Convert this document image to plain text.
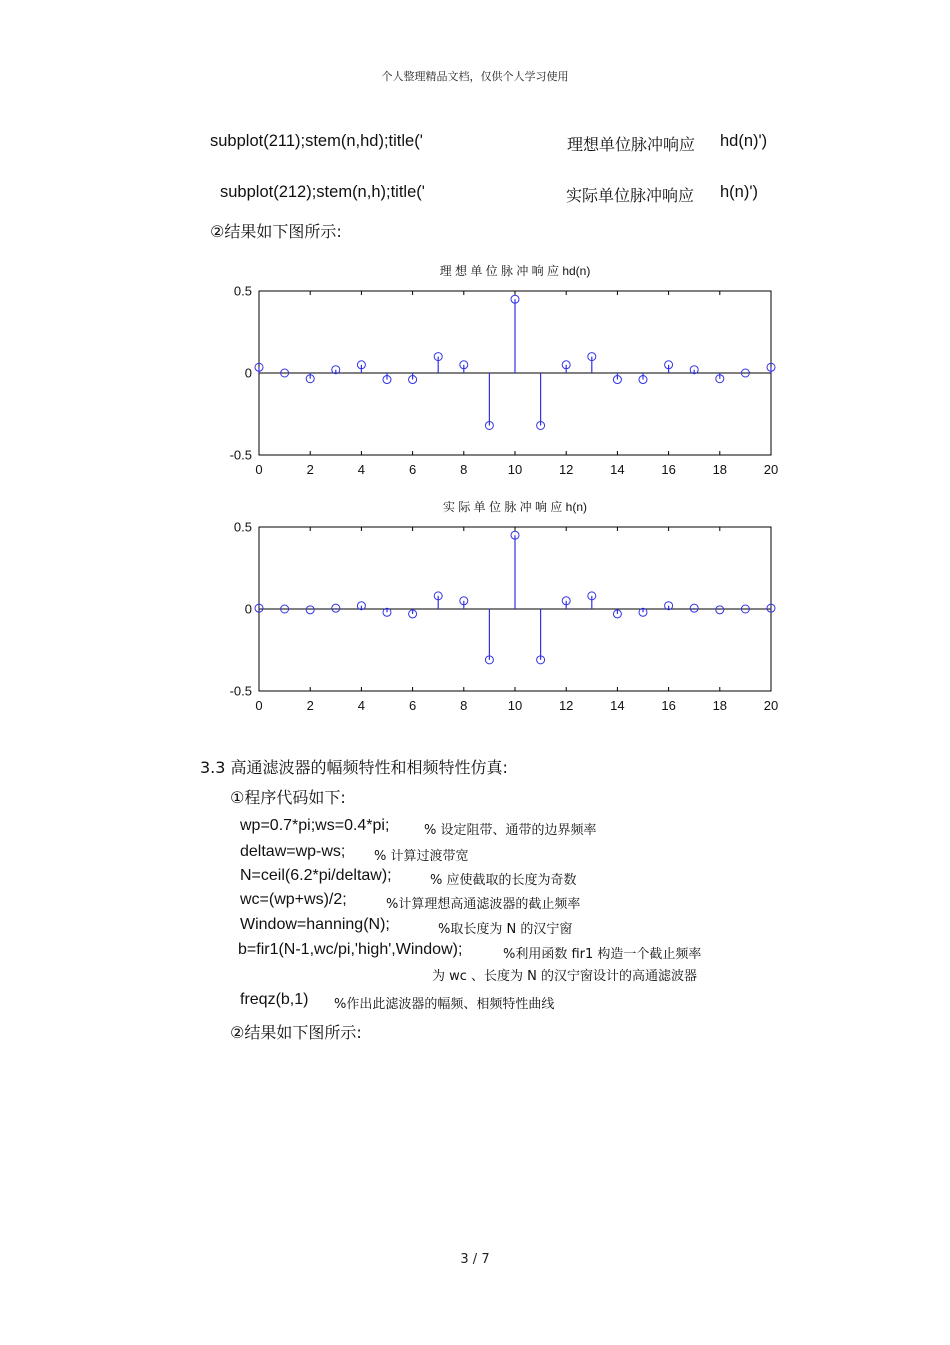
个人整理精品文档，仅供个人学习使用
subplot(211);stem(n,hd);title('	理想单位脉冲响应 hd(n)')
subplot(212);stem(n,h);title('	实际单位脉冲响应 h(n)')
②结果如下图所示:
理 想 单 位 脉 冲 响 应 hd(n)
0	2	4	6	8	10	12	14	16	18	20
0.5
0
-0.5
实 际 单 位 脉 冲 响 应 h(n)
0	2	4	6	8	10	12	14	16	18	20
0.5
0
-0.5
3.3 高通滤波器的幅频特性和相频特性仿真:
①程序代码如下:
wp=0.7*pi;ws=0.4*pi;	% 设定阻带、通带的边界频率
deltaw=wp-ws; % 计算过渡带宽
N=ceil(6.2*pi/deltaw);	% 应使截取的长度为奇数
wc=(wp+ws)/2;	%计算理想高通滤波器的截止频率
Window=hanning(N);	%取长度为 N 的汉宁窗
b=fir1(N-1,wc/pi,'high',Window);	%利用函数 fir1 构造一个截止频率
为 wc 、长度为 N 的汉宁窗设计的高通滤波器
freqz(b,1) %作出此滤波器的幅频、相频特性曲线
②结果如下图所示:
3 / 7
